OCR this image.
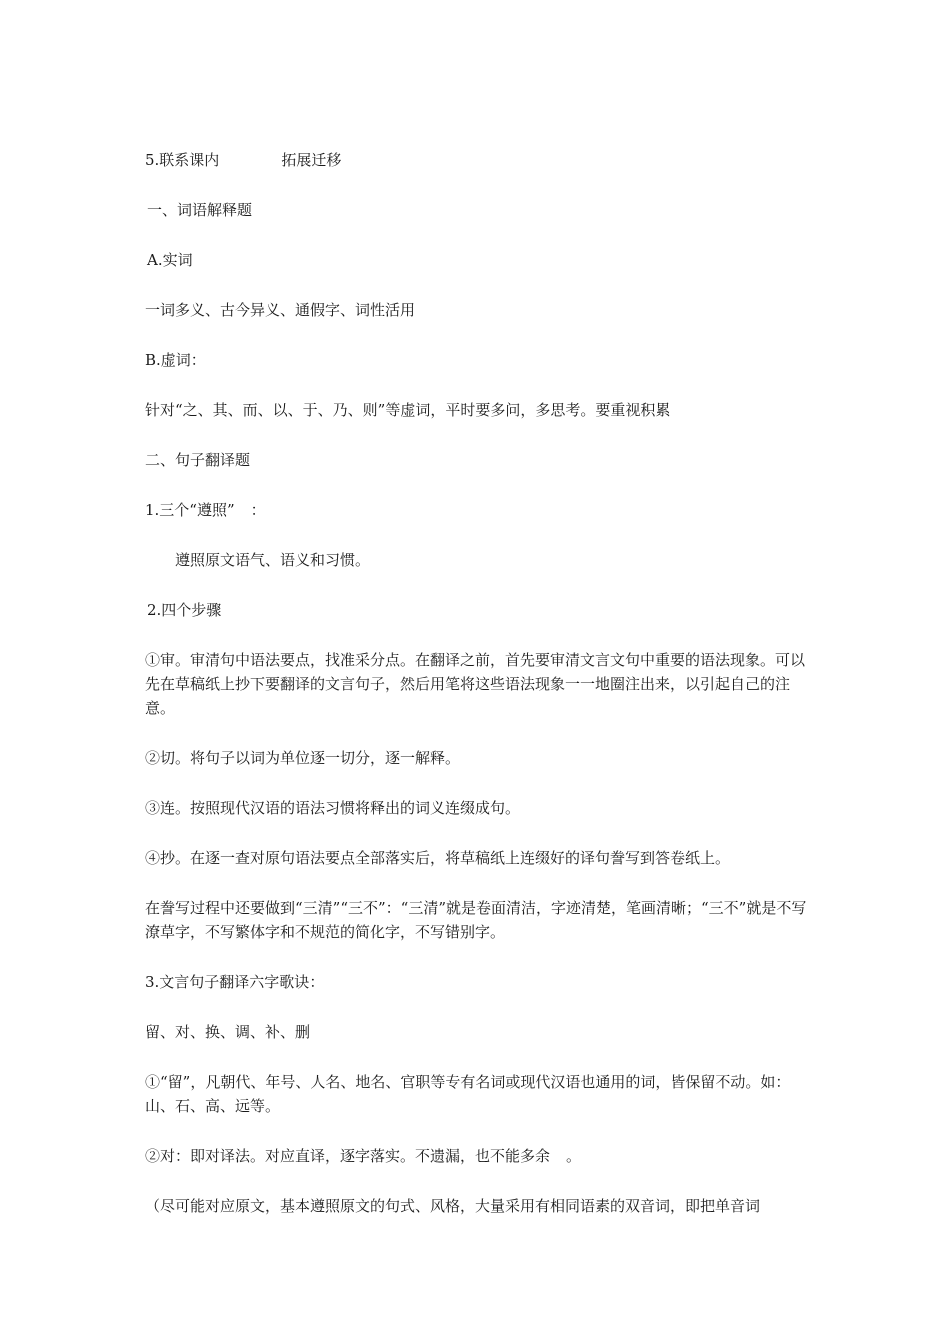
5.联系课内	拓展迁移

一、词语解释题

A.实词

一词多义、古今异义、通假字、词性活用

B.虚词：

针对“之、其、而、以、于、乃、则”等虚词，平时要多问，多思考。要重视积累

二、句子翻译题

1.三个“遵照” ：

遵照原文语气、语义和习惯。

2.四个步骤

①审。审清句中语法要点，找准采分点。在翻译之前，首先要审清文言文句中重要的语法现象。可以先在草稿纸上抄下要翻译的文言句子，然后用笔将这些语法现象一一地圈注出来，以引起自己的注意。

②切。将句子以词为单位逐一切分，逐一解释。

③连。按照现代汉语的语法习惯将释出的词义连缀成句。

④抄。在逐一查对原句语法要点全部落实后，将草稿纸上连缀好的译句誊写到答卷纸上。

在誊写过程中还要做到“三清”“三不”：“三清”就是卷面清洁，字迹清楚，笔画清晰；“三不”就是不写潦草字，不写繁体字和不规范的简化字，不写错别字。

3.文言句子翻译六字歌诀：

留、对、换、调、补、删

①“留”，凡朝代、年号、人名、地名、官职等专有名词或现代汉语也通用的词，皆保留不动。如：山、石、高、远等。

②对：即对译法。对应直译，逐字落实。不遗漏，也不能多余 。

（尽可能对应原文，基本遵照原文的句式、风格，大量采用有相同语素的双音词，即把单音词
